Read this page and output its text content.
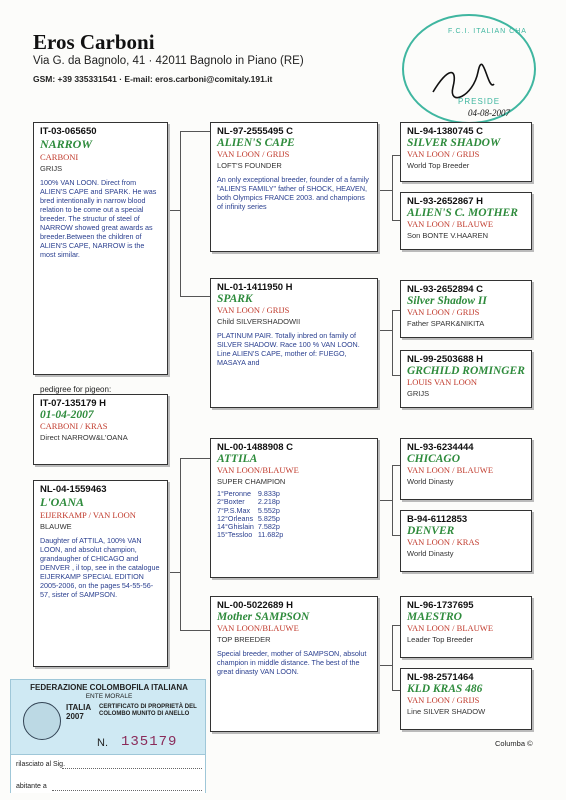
Eros Carboni
Via G. da Bagnolo, 41 · 42011 Bagnolo in Piano (RE)
GSM: +39 335331541 · E-mail: eros.carboni@comitaly.191.it
F.C.I. ITALIAN CHA
PRESIDE
04-08-2007
IT-03-065650
NARROW
CARBONI
GRIJS
100% VAN LOON. Direct from ALIEN'S CAPE and SPARK. He was bred intentionally in narrow blood relation to be come out a special breeder. The structur of steel of NARROW showed great awards as breeder.Between the children of ALIEN'S CAPE, NARROW is the most similar.
pedigree for pigeon:
IT-07-135179 H
01-04-2007
CARBONI / KRAS
Direct NARROW&L'OANA
NL-04-1559463
L'OANA
EIJERKAMP / VAN LOON
BLAUWE
Daughter of ATTILA, 100% VAN LOON, and absolut champion, grandaugher of CHICAGO and DENVER , il top, see in the catalogue EIJERKAMP SPECIAL EDITION 2005-2006, on the pages 54-55-56-57, sister of SAMPSON.
NL-97-2555495 C
ALIEN'S CAPE
VAN LOON / GRIJS
LOFT'S FOUNDER
An only exceptional breeder, founder of a family "ALIEN'S FAMILY" father of SHOCK, HEAVEN, both Olympics FRANCE 2003. and champions of infinity series
NL-01-1411950 H
SPARK
VAN LOON / GRIJS
Child SILVERSHADOWII
PLATINUM PAIR. Totally inbred on family of SILVER SHADOW. Race 100 % VAN LOON. Line ALIEN'S CAPE, mother of: FUEGO, MASAYA and
NL-00-1488908 C
ATTILA
VAN LOON/BLAUWE
SUPER CHAMPION
1°Peronne	9.833p
2°Boxter	2.218p
7°P.S.Max	5.552p
12°Orleans	5.825p
14°Ghislain	7.582p
15°Tessloo	11.682p
NL-00-5022689 H
Mother SAMPSON
VAN LOON/BLAUWE
TOP BREEDER
Special breeder, mother of SAMPSON, absolut champion in middle distance. The best of the great dinasty VAN LOON.
NL-94-1380745 C
SILVER SHADOW
VAN LOON / GRIJS
World Top Breeder
NL-93-2652867 H
ALIEN'S C. MOTHER
VAN LOON / BLAUWE
Son BONTE V.HAAREN
NL-93-2652894 C
Silver Shadow II
VAN LOON / GRIJS
Father SPARK&NIKITA
NL-99-2503688 H
GRCHILD ROMINGER
LOUIS VAN LOON
GRIJS
NL-93-6234444
CHICAGO
VAN LOON / BLAUWE
World Dinasty
B-94-6112853
DENVER
VAN LOON / KRAS
World Dinasty
NL-96-1737695
MAESTRO
VAN LOON / BLAUWE
Leader Top Breeder
NL-98-2571464
KLD KRAS 486
VAN LOON / GRIJS
Line SILVER SHADOW
Columba ©
FEDERAZIONE COLOMBOFILA ITALIANA
ENTE MORALE
ITALIA
2007
CERTIFICATO DI PROPRIETÀ DEL COLOMBO MUNITO DI ANELLO
N. 135179
rilasciato al Sig.
abitante a
